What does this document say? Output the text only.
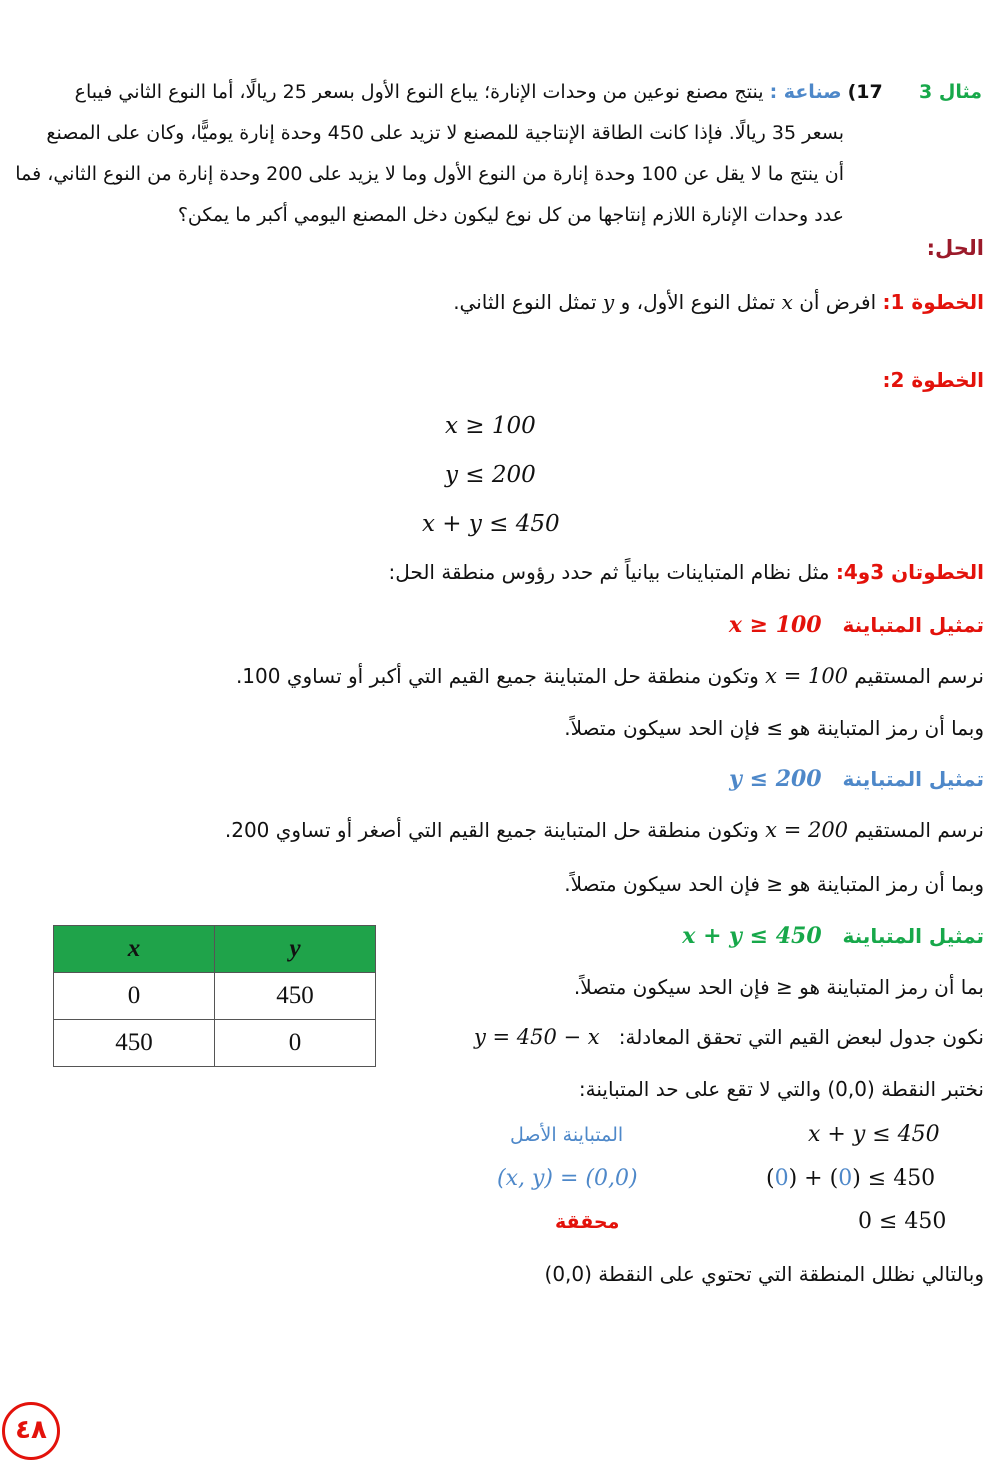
مثال 3      17) صناعة : ينتج مصنع نوعين من وحدات الإنارة؛ يباع النوع الأول بسعر 25 ريالًا، أما النوع الثاني فيباع
بسعر 35 ريالًا. فإذا كانت الطاقة الإنتاجية للمصنع لا تزيد على 450 وحدة إنارة يوميًّا، وكان على المصنع
أن ينتج ما لا يقل عن 100 وحدة إنارة من النوع الأول وما لا يزيد على 200 وحدة إنارة من النوع الثاني، فما
عدد وحدات الإنارة اللازم إنتاجها من كل نوع ليكون دخل المصنع اليومي أكبر ما يمكن؟
الحل:
الخطوة 1: افرض أن x تمثل النوع الأول، و y تمثل النوع الثاني.
الخطوة 2:
x ≥ 100
y ≤ 200
x + y ≤ 450
الخطوتان 3و4: مثل نظام المتباينات بيانياً ثم حدد رؤوس منطقة الحل:
تمثيل المتباينة   x ≥ 100
نرسم المستقيم x = 100 وتكون منطقة حل المتباينة جميع القيم التي أكبر أو تساوي 100.
وبما أن رمز المتباينة هو ≥ فإن الحد سيكون متصلاً.
تمثيل المتباينة   y ≤ 200
نرسم المستقيم x = 200 وتكون منطقة حل المتباينة جميع القيم التي أصغر أو تساوي 200.
وبما أن رمز المتباينة هو ≤ فإن الحد سيكون متصلاً.
تمثيل المتباينة   x + y ≤ 450
بما أن رمز المتباينة هو ≤ فإن الحد سيكون متصلاً.
نكون جدول لبعض القيم التي تحقق المعادلة:   y = 450 − x
نختبر النقطة (0,0) والتي لا تقع على حد المتباينة:
x	y
0	450
450	0
x + y ≤ 450
المتباينة الأصل
(0) + (0) ≤ 450
(x, y) = (0,0)
0 ≤ 450
محققة
وبالتالي نظلل المنطقة التي تحتوي على النقطة (0,0)
٤٨
